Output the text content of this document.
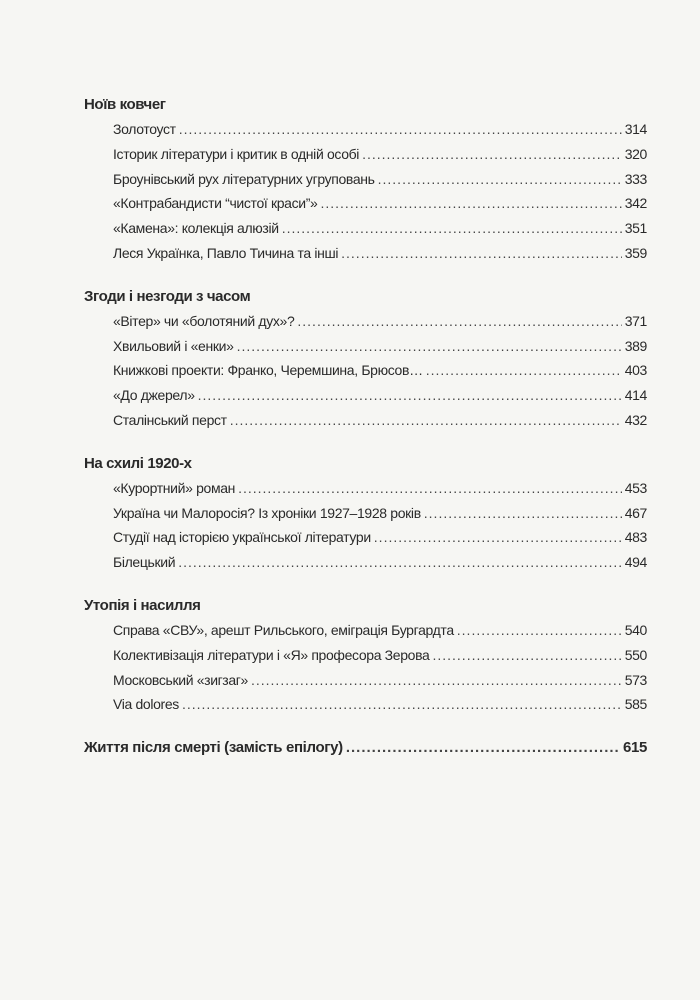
Ноїв ковчег
Золотоуст .....	314
Історик літератури і критик в одній особі .....	320
Броунівський рух літературних угруповань .....	333
«Контрабандисти “чистої краси”» .....	342
«Камена»: колекція алюзій .....	351
Леся Українка, Павло Тичина та інші .....	359
Згоди і незгоди з часом
«Вітер» чи «болотяний дух»? .....	371
Хвильовий і «енки» .....	389
Книжкові проекти: Франко, Черемшина, Брюсов… .....	403
«До джерел» .....	414
Сталінський перст .....	432
На схилі 1920-х
«Курортний» роман .....	453
Україна чи Малоросія? Із хроніки 1927–1928 років .....	467
Студії над історією української літератури .....	483
Білецький .....	494
Утопія і насилля
Справа «СВУ», арешт Рильського, еміграція Бургардта .....	540
Колективізація літератури і «Я» професора Зерова .....	550
Московський «зигзаг» .....	573
Via dolores .....	585
Життя після смерті (замість епілогу) .....	615
